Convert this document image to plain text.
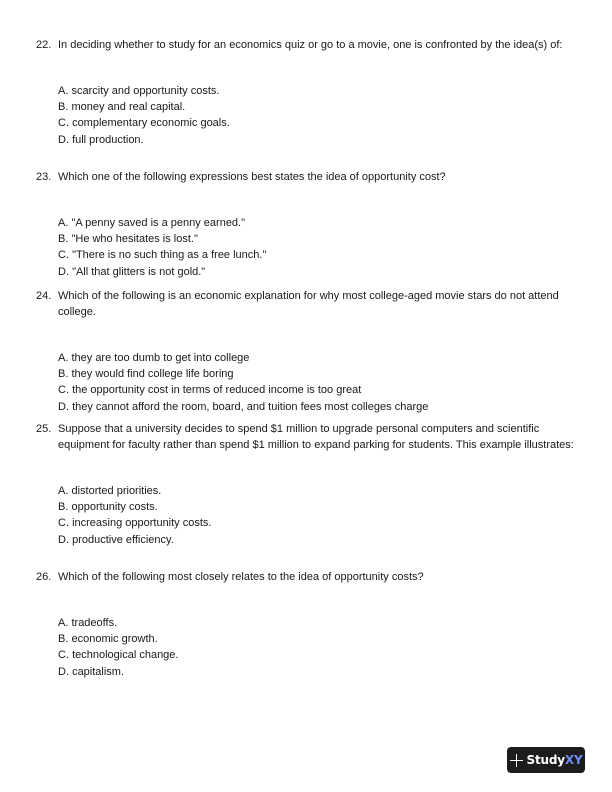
22. In deciding whether to study for an economics quiz or go to a movie, one is confronted by the idea(s) of:
A. scarcity and opportunity costs.
B. money and real capital.
C. complementary economic goals.
D. full production.
23. Which one of the following expressions best states the idea of opportunity cost?
A. "A penny saved is a penny earned."
B. "He who hesitates is lost."
C. "There is no such thing as a free lunch."
D. "All that glitters is not gold."
24. Which of the following is an economic explanation for why most college-aged movie stars do not attend college.
A. they are too dumb to get into college
B. they would find college life boring
C. the opportunity cost in terms of reduced income is too great
D. they cannot afford the room, board, and tuition fees most colleges charge
25. Suppose that a university decides to spend $1 million to upgrade personal computers and scientific equipment for faculty rather than spend $1 million to expand parking for students. This example illustrates:
A. distorted priorities.
B. opportunity costs.
C. increasing opportunity costs.
D. productive efficiency.
26. Which of the following most closely relates to the idea of opportunity costs?
A. tradeoffs.
B. economic growth.
C. technological change.
D. capitalism.
StudyXY
